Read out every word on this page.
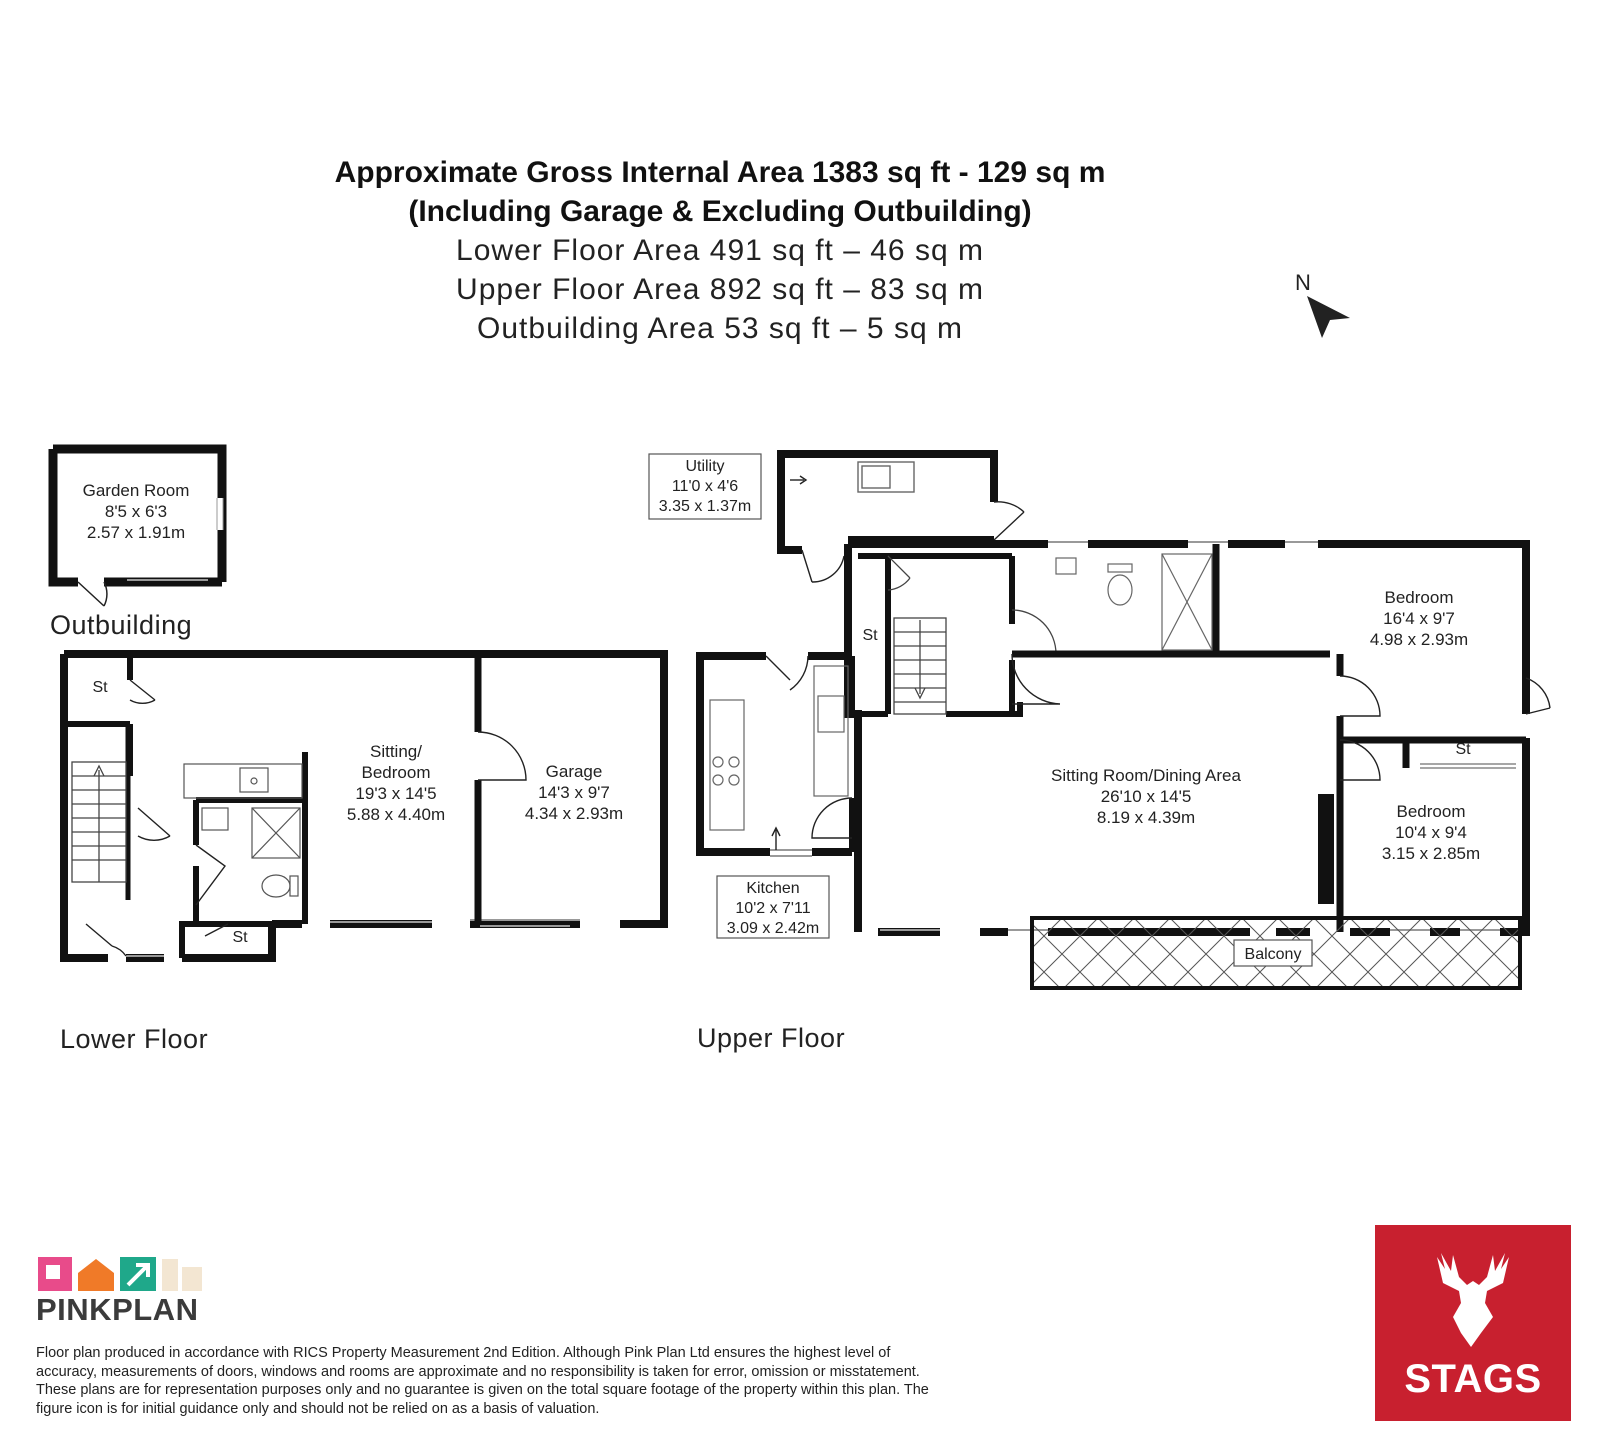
Approximate Gross Internal Area 1383 sq ft - 129 sq m
(Including Garage & Excluding Outbuilding)
Lower Floor Area 491 sq ft – 46 sq m
Upper Floor Area 892 sq ft – 83 sq m
Outbuilding Area 53 sq ft – 5 sq m
N
Garden Room
8'5 x 6'3
2.57 x 1.91m
St
St
Sitting/
Bedroom
19'3 x 14'5
5.88 x 4.40m
Garage
14'3 x 9'7
4.34 x 2.93m
Balcony
Utility
11'0 x 4'6
3.35 x 1.37m
Kitchen
10'2 x 7'11
3.09 x 2.42m
St
St
Sitting Room/Dining Area
26'10 x 14'5
8.19 x 4.39m
Bedroom
16'4 x 9'7
4.98 x 2.93m
Bedroom
10'4 x 9'4
3.15 x 2.85m
Outbuilding
Lower Floor	Upper Floor
PINKPLAN
Floor plan produced in accordance with RICS Property Measurement 2nd Edition. Although Pink Plan Ltd ensures the highest level of accuracy, measurements of doors, windows and rooms are approximate and no responsibility is taken for error, omission or misstatement. These plans are for representation purposes only and no guarantee is given on the total square footage of the property within this plan. The figure icon is for initial guidance only and should not be relied on as a basis of valuation.
STAGS
